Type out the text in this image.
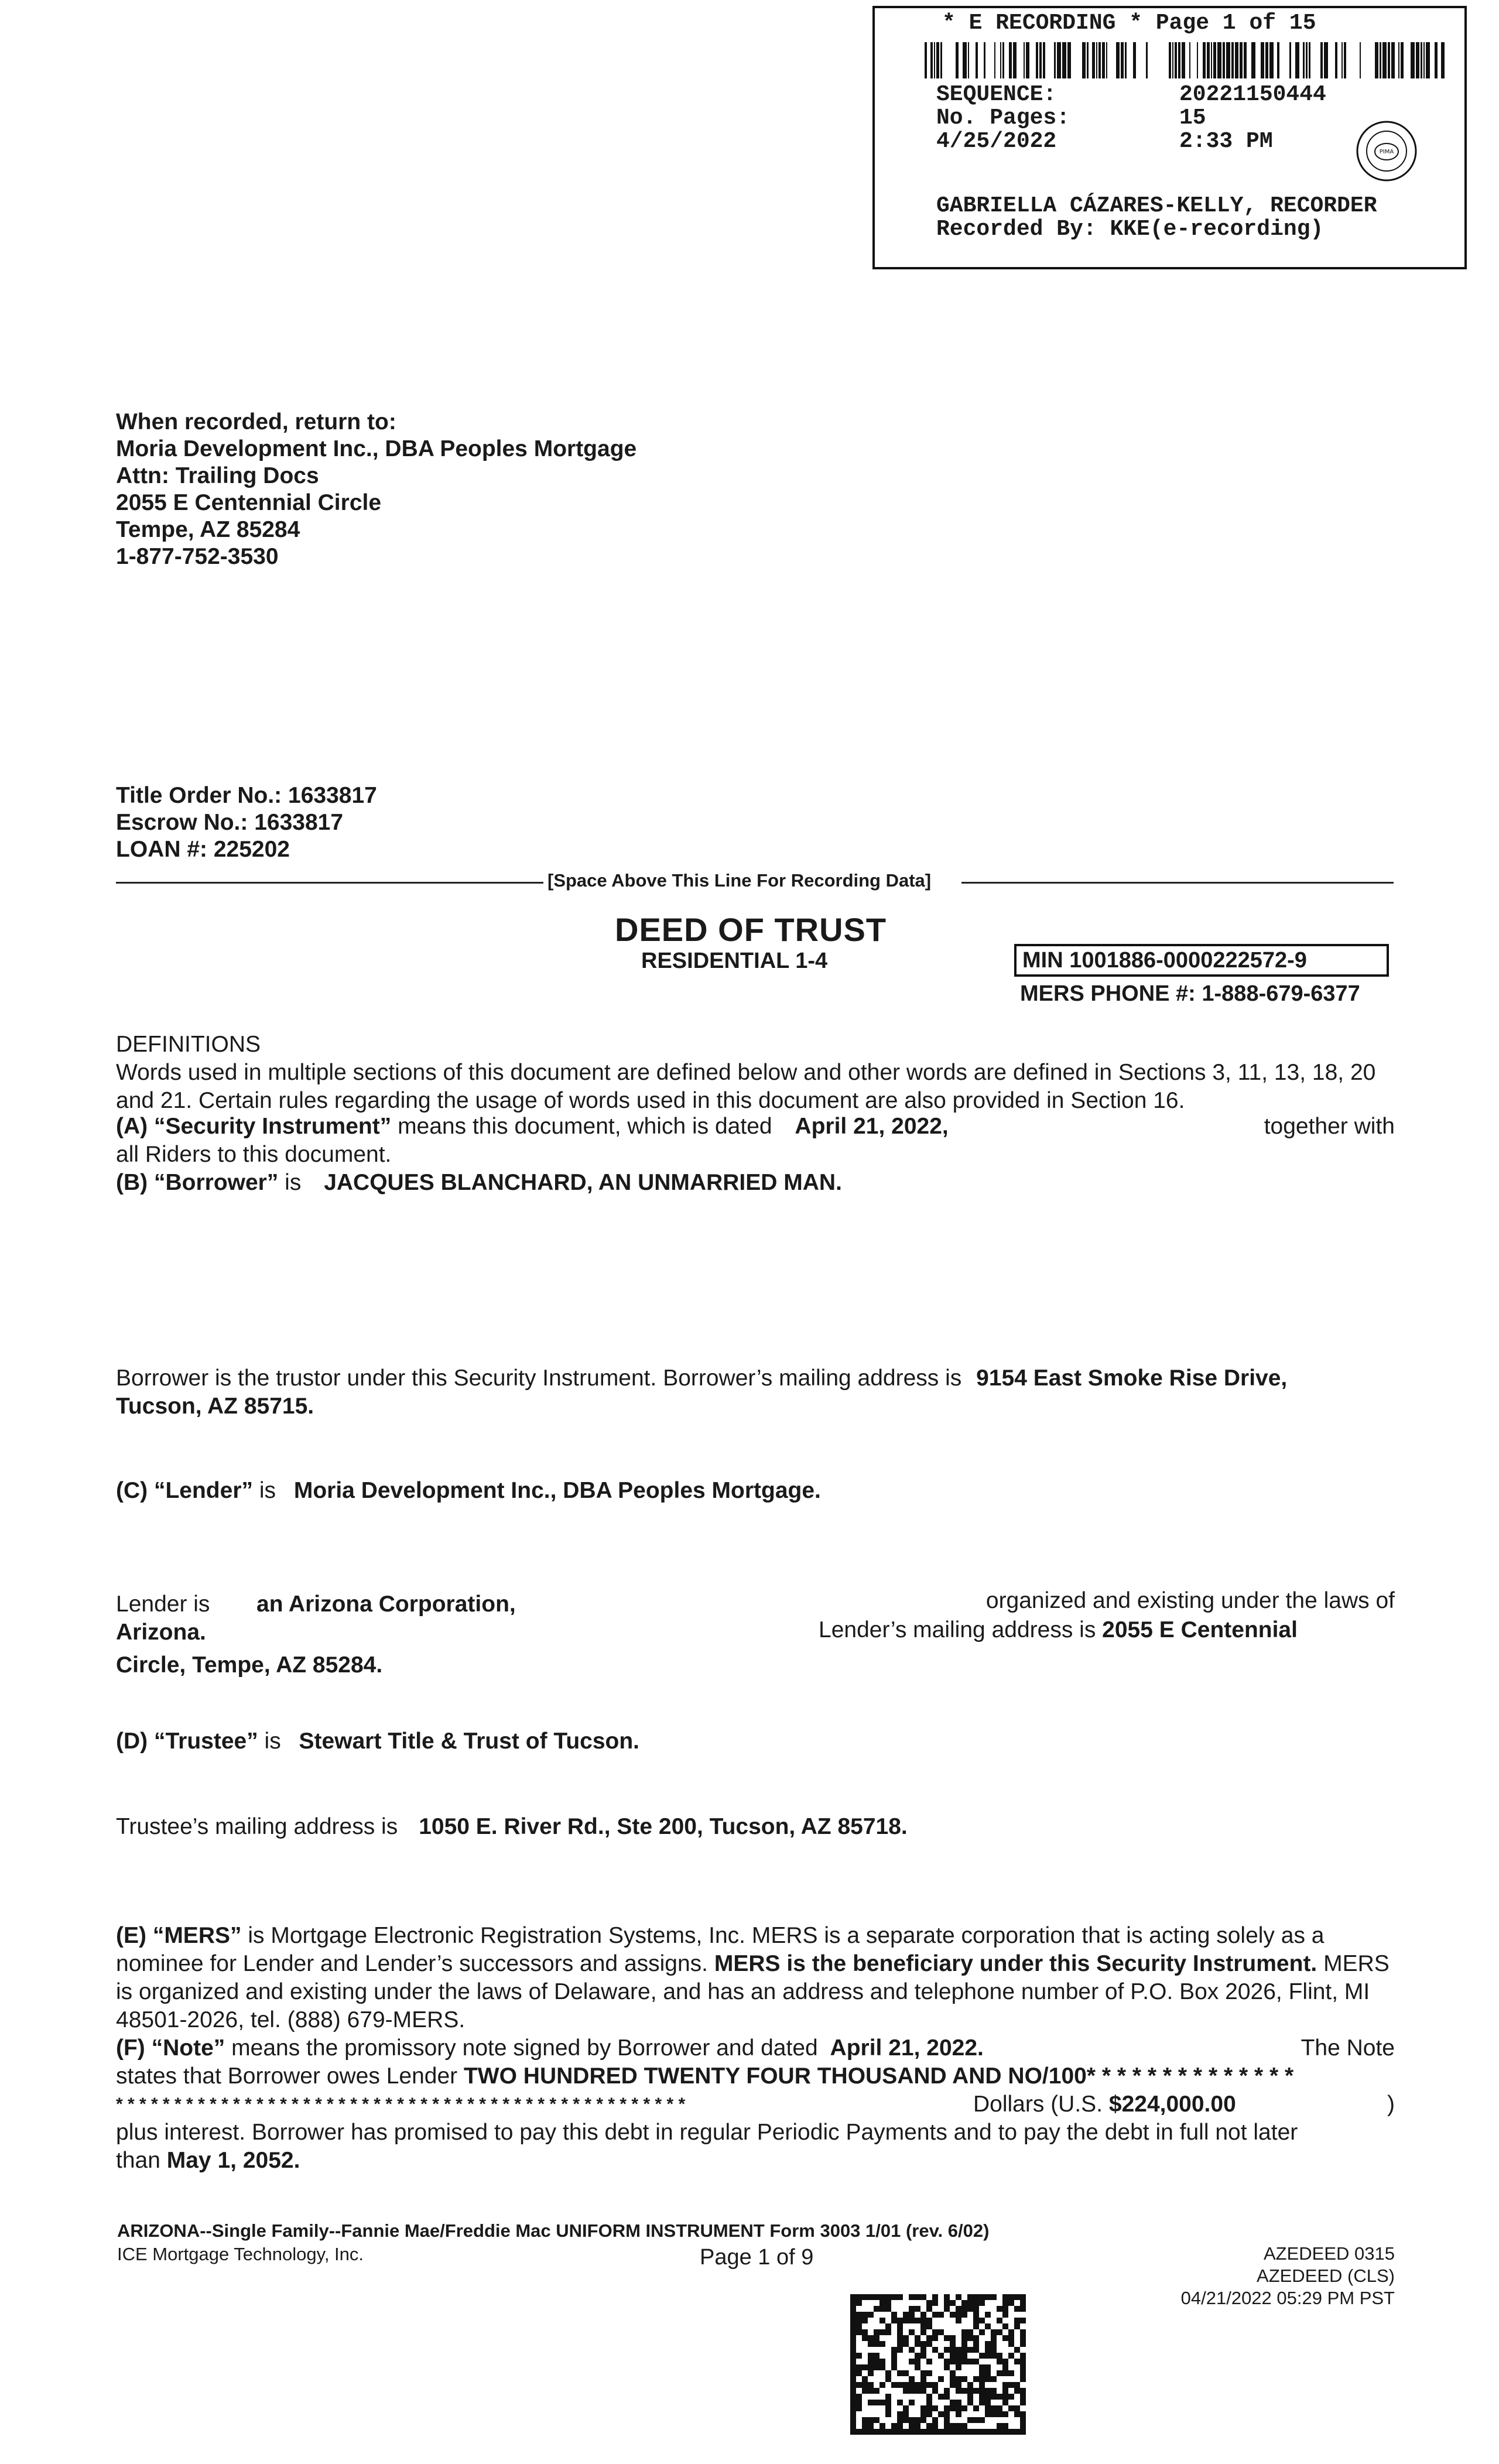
* E RECORDING * Page 1 of 15
SEQUENCE:	20221150444
No. Pages:	15
4/25/2022	2:33 PM	PIMA
GABRIELLA CÁZARES-KELLY, RECORDER
Recorded By: KKE(e-recording)
When recorded, return to:
Moria Development Inc., DBA Peoples Mortgage
Attn: Trailing Docs
2055 E Centennial Circle
Tempe, AZ 85284
1-877-752-3530
Title Order No.: 1633817
Escrow No.: 1633817
LOAN #: 225202
[Space Above This Line For Recording Data]
DEED OF TRUST
RESIDENTIAL 1-4	MIN 1001886-0000222572-9
MERS PHONE #: 1-888-679-6377
DEFINITIONS
Words used in multiple sections of this document are defined below and other words are defined in Sections 3, 11, 13, 18, 20 and 21. Certain rules regarding the usage of words used in this document are also provided in Section 16.
(A) “Security Instrument” means this document, which is dated April 21, 2022,	together with
all Riders to this document.
(B) “Borrower” is JACQUES BLANCHARD, AN UNMARRIED MAN.
Borrower is the trustor under this Security Instrument. Borrower’s mailing address is 9154 East Smoke Rise Drive,
Tucson, AZ 85715.
(C) “Lender” is Moria Development Inc., DBA Peoples Mortgage.
Lender is an Arizona Corporation,	organized and existing under the laws of
Arizona.	Lender’s mailing address is 2055 E Centennial
Circle, Tempe, AZ 85284.
(D) “Trustee” is Stewart Title & Trust of Tucson.
Trustee’s mailing address is 1050 E. River Rd., Ste 200, Tucson, AZ 85718.
(E) “MERS” is Mortgage Electronic Registration Systems, Inc. MERS is a separate corporation that is acting solely as a nominee for Lender and Lender’s successors and assigns. MERS is the beneficiary under this Security Instrument. MERS is organized and existing under the laws of Delaware, and has an address and telephone number of P.O. Box 2026, Flint, MI 48501-2026, tel. (888) 679-MERS.
(F) “Note” means the promissory note signed by Borrower and dated April 21, 2022.	The Note
states that Borrower owes Lender TWO HUNDRED TWENTY FOUR THOUSAND AND NO/100* * * * * * * * * * * * * *
* * * * * * * * * * * * * * * * * * * * * * * * * * * * * * * * * * * * * * * * * * * * * * * * *	Dollars (U.S. $224,000.00	)
plus interest. Borrower has promised to pay this debt in regular Periodic Payments and to pay the debt in full not later
than May 1, 2052.
ARIZONA--Single Family--Fannie Mae/Freddie Mac UNIFORM INSTRUMENT Form 3003 1/01 (rev. 6/02)
ICE Mortgage Technology, Inc.	Page 1 of 9	AZEDEED 0315
AZEDEED (CLS)
04/21/2022 05:29 PM PST
